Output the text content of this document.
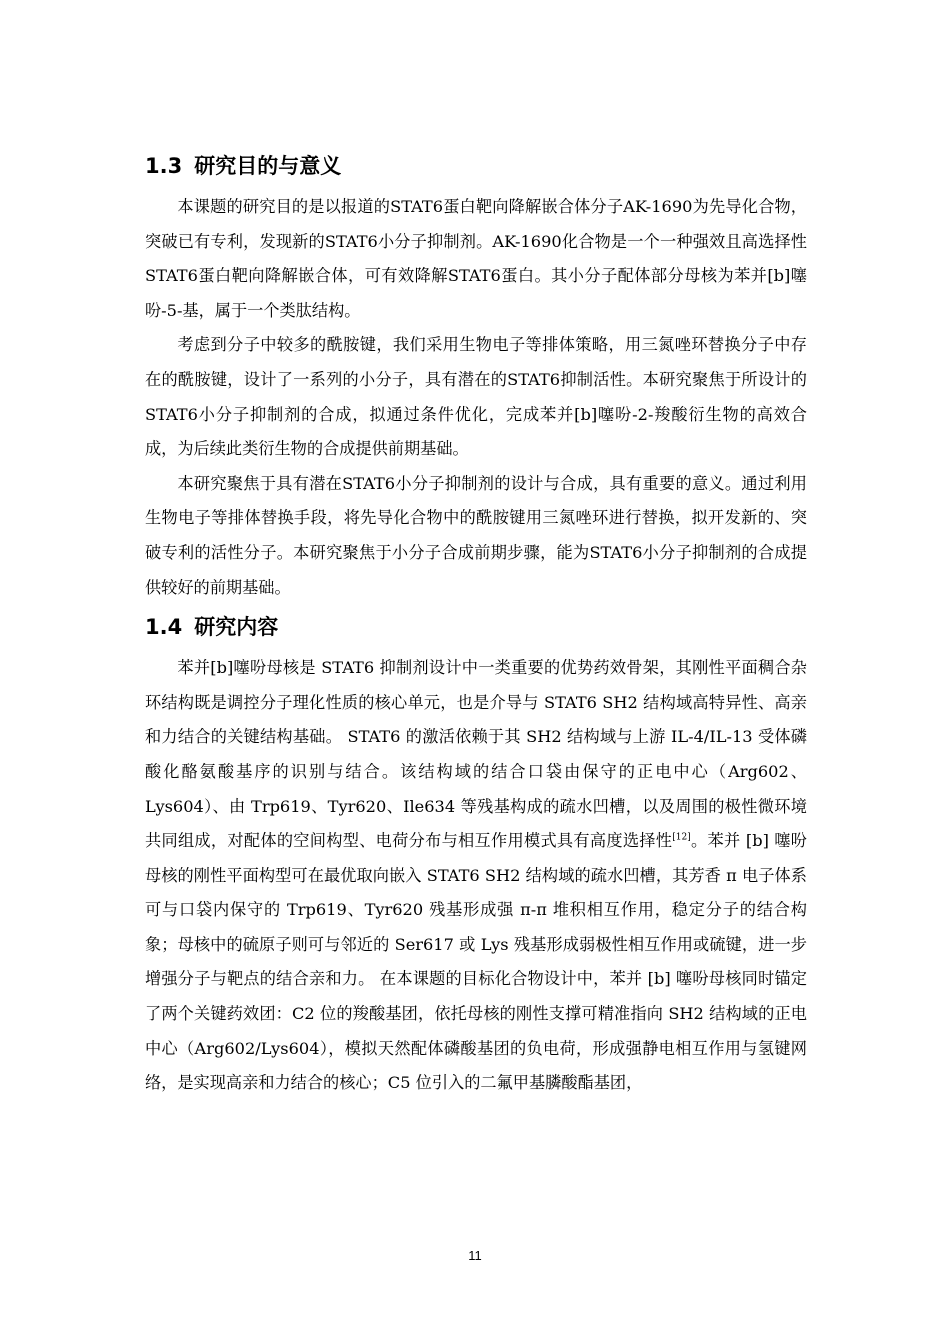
1.3 研究目的与意义

本课题的研究目的是以报道的STAT6蛋白靶向降解嵌合体分子AK-1690为先导化合物，突破已有专利，发现新的STAT6小分子抑制剂。AK-1690化合物是一个一种强效且高选择性STAT6蛋白靶向降解嵌合体，可有效降解STAT6蛋白。其小分子配体部分母核为苯并[b]噻吩-5-基，属于一个类肽结构。

考虑到分子中较多的酰胺键，我们采用生物电子等排体策略，用三氮唑环替换分子中存在的酰胺键，设计了一系列的小分子，具有潜在的STAT6抑制活性。本研究聚焦于所设计的STAT6小分子抑制剂的合成，拟通过条件优化，完成苯并[b]噻吩-2-羧酸衍生物的高效合成，为后续此类衍生物的合成提供前期基础。

本研究聚焦于具有潜在STAT6小分子抑制剂的设计与合成，具有重要的意义。通过利用生物电子等排体替换手段，将先导化合物中的酰胺键用三氮唑环进行替换，拟开发新的、突破专利的活性分子。本研究聚焦于小分子合成前期步骤，能为STAT6小分子抑制剂的合成提供较好的前期基础。

1.4 研究内容

苯并[b]噻吩母核是 STAT6 抑制剂设计中一类重要的优势药效骨架，其刚性平面稠合杂环结构既是调控分子理化性质的核心单元，也是介导与 STAT6 SH2 结构域高特异性、高亲和力结合的关键结构基础。 STAT6 的激活依赖于其 SH2 结构域与上游 IL-4/IL-13 受体磷酸化酪氨酸基序的识别与结合。该结构域的结合口袋由保守的正电中心（Arg602、Lys604）、由 Trp619、Tyr620、Ile634 等残基构成的疏水凹槽，以及周围的极性微环境共同组成，对配体的空间构型、电荷分布与相互作用模式具有高度选择性[12]。苯并 [b] 噻吩母核的刚性平面构型可在最优取向嵌入 STAT6 SH2 结构域的疏水凹槽，其芳香 π 电子体系可与口袋内保守的 Trp619、Tyr620 残基形成强 π-π 堆积相互作用，稳定分子的结合构象；母核中的硫原子则可与邻近的 Ser617 或 Lys 残基形成弱极性相互作用或硫键，进一步增强分子与靶点的结合亲和力。 在本课题的目标化合物设计中，苯并 [b] 噻吩母核同时锚定了两个关键药效团：C2 位的羧酸基团，依托母核的刚性支撑可精准指向 SH2 结构域的正电中心（Arg602/Lys604），模拟天然配体磷酸基团的负电荷，形成强静电相互作用与氢键网络，是实现高亲和力结合的核心；C5 位引入的二氟甲基膦酸酯基团，

11
